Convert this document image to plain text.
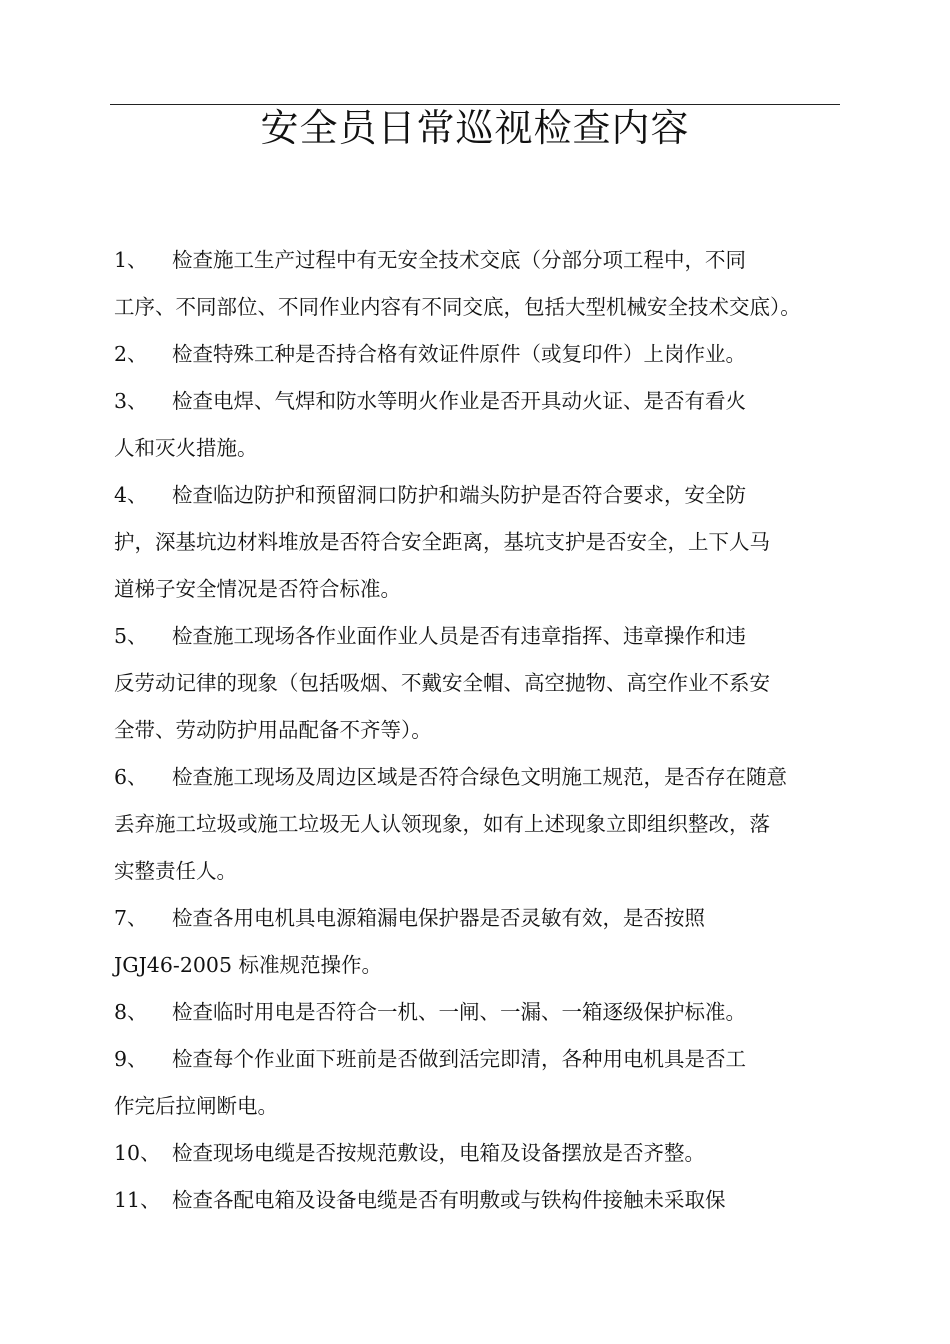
安全员日常巡视检查内容
1、 检查施工生产过程中有无安全技术交底（分部分项工程中，不同
工序、不同部位、不同作业内容有不同交底，包括大型机械安全技术交底）。
2、 检查特殊工种是否持合格有效证件原件（或复印件）上岗作业。
3、 检查电焊、气焊和防水等明火作业是否开具动火证、是否有看火
人和灭火措施。
4、 检查临边防护和预留洞口防护和端头防护是否符合要求，安全防
护，深基坑边材料堆放是否符合安全距离，基坑支护是否安全，上下人马
道梯子安全情况是否符合标准。
5、 检查施工现场各作业面作业人员是否有违章指挥、违章操作和违
反劳动记律的现象（包括吸烟、不戴安全帽、高空抛物、高空作业不系安
全带、劳动防护用品配备不齐等）。
6、 检查施工现场及周边区域是否符合绿色文明施工规范，是否存在随意
丢弃施工垃圾或施工垃圾无人认领现象，如有上述现象立即组织整改，落
实整责任人。
7、 检查各用电机具电源箱漏电保护器是否灵敏有效，是否按照
JGJ46-2005 标准规范操作。
8、 检查临时用电是否符合一机、一闸、一漏、一箱逐级保护标准。
9、 检查每个作业面下班前是否做到活完即清，各种用电机具是否工
作完后拉闸断电。
10、 检查现场电缆是否按规范敷设，电箱及设备摆放是否齐整。
11、 检查各配电箱及设备电缆是否有明敷或与铁构件接触未采取保
